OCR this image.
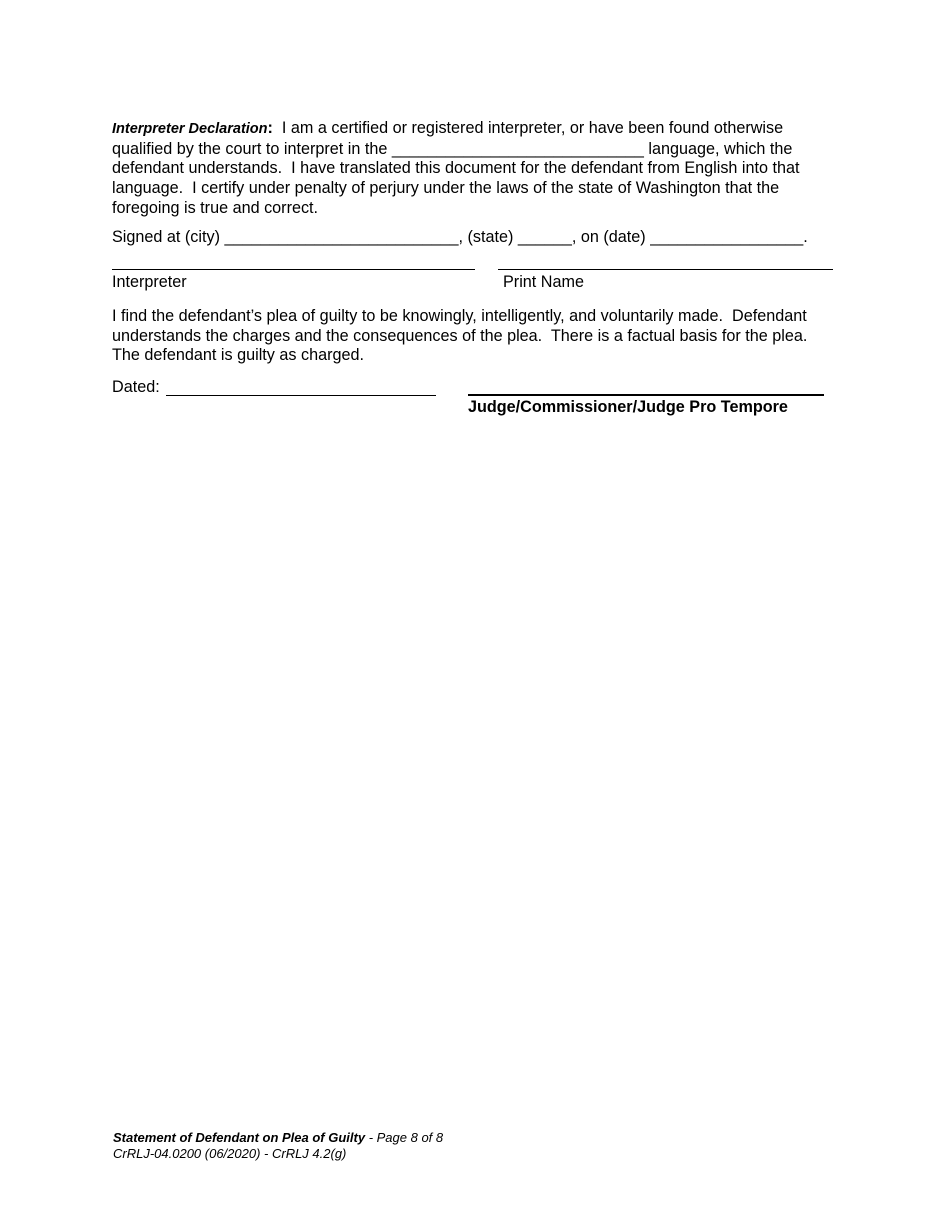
Interpreter Declaration:  I am a certified or registered interpreter, or have been found otherwise
qualified by the court to interpret in the ____________________________ language, which the
defendant understands.  I have translated this document for the defendant from English into that
language.  I certify under penalty of perjury under the laws of the state of Washington that the
foregoing is true and correct.
Signed at (city) __________________________, (state) ______, on (date) _________________.
Interpreter	Print Name
I find the defendant’s plea of guilty to be knowingly, intelligently, and voluntarily made.  Defendant
understands the charges and the consequences of the plea.  There is a factual basis for the plea.
The defendant is guilty as charged.
Dated:
Judge/Commissioner/Judge Pro Tempore
Statement of Defendant on Plea of Guilty - Page 8 of 8
CrRLJ-04.0200 (06/2020) - CrRLJ 4.2(g)
